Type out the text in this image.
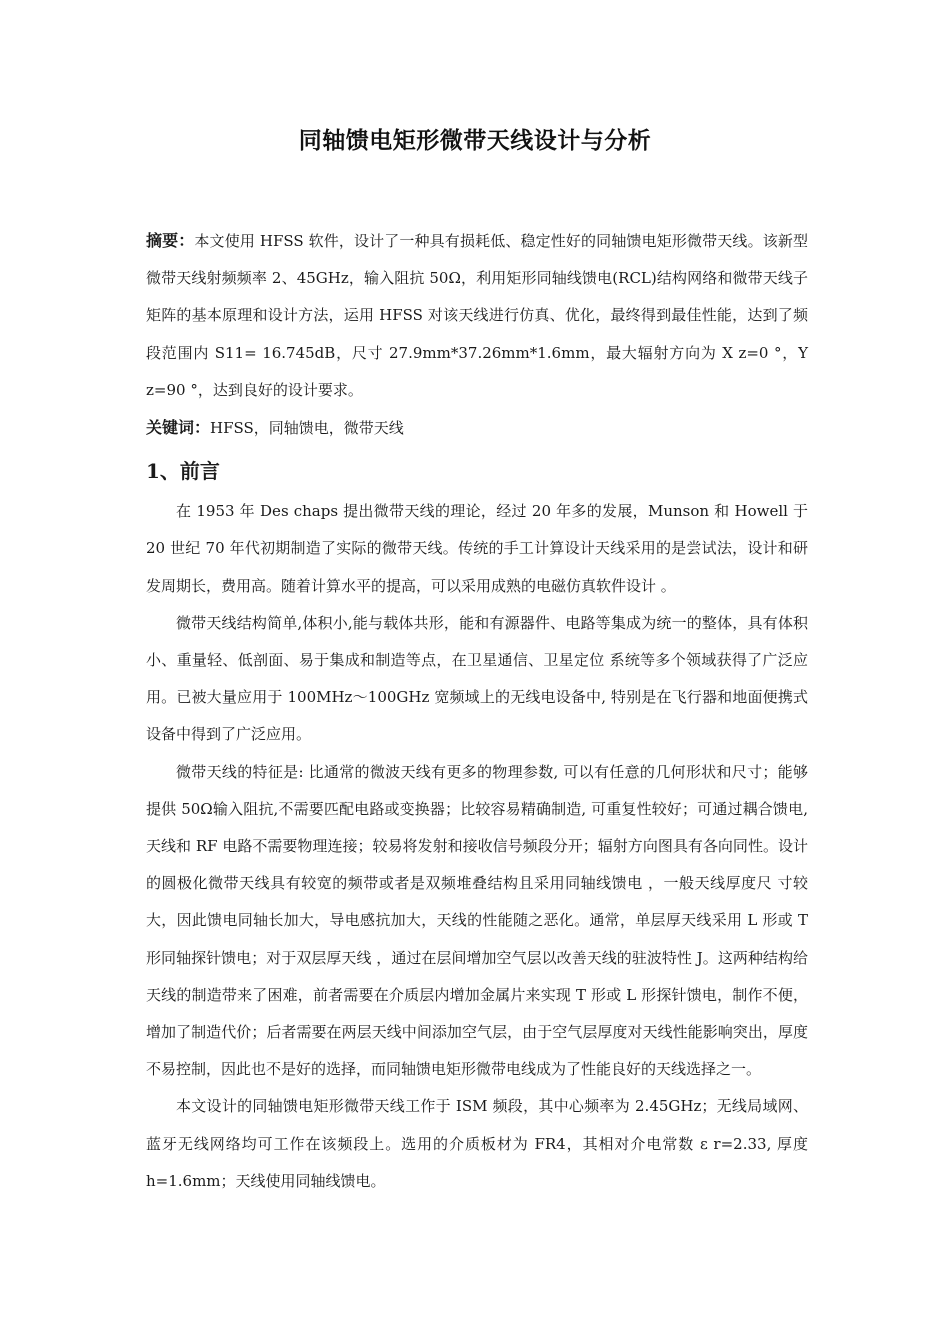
同轴馈电矩形微带天线设计与分析

摘要：本文使用 HFSS 软件，设计了一种具有损耗低、稳定性好的同轴馈电矩形微带天线。该新型微带天线射频频率 2、45GHz，输入阻抗 50Ω，利用矩形同轴线馈电(RCL)结构网络和微带天线子矩阵的基本原理和设计方法，运用 HFSS 对该天线进行仿真、优化，最终得到最佳性能，达到了频段范围内 S11= 16.745dB，尺寸 27.9mm*37.26mm*1.6mm，最大辐射方向为 X z=0 °，Y z=90 °，达到良好的设计要求。

关键词：HFSS，同轴馈电，微带天线

1、前言

在 1953 年 Des chaps 提出微带天线的理论，经过 20 年多的发展，Munson 和 Howell 于 20 世纪 70 年代初期制造了实际的微带天线。传统的手工计算设计天线采用的是尝试法，设计和研发周期长，费用高。随着计算水平的提高，可以采用成熟的电磁仿真软件设计 。

微带天线结构简单,体积小,能与载体共形，能和有源器件、电路等集成为统一的整体，具有体积小、重量轻、低剖面、易于集成和制造等点，在卫星通信、卫星定位 系统等多个领域获得了广泛应用。已被大量应用于 100MHz～100GHz 宽频域上的无线电设备中, 特别是在飞行器和地面便携式设备中得到了广泛应用。

微带天线的特征是: 比通常的微波天线有更多的物理参数, 可以有任意的几何形状和尺寸；能够提供 50Ω输入阻抗,不需要匹配电路或变换器；比较容易精确制造, 可重复性较好；可通过耦合馈电, 天线和 RF 电路不需要物理连接；较易将发射和接收信号频段分开；辐射方向图具有各向同性。设计的圆极化微带天线具有较宽的频带或者是双频堆叠结构且采用同轴线馈电 ，一般天线厚度尺 寸较大，因此馈电同轴长加大，导电感抗加大，天线的性能随之恶化。通常，单层厚天线采用 L 形或 T 形同轴探针馈电；对于双层厚天线 ，通过在层间增加空气层以改善天线的驻波特性 J。这两种结构给天线的制造带来了困难，前者需要在介质层内增加金属片来实现 T 形或 L 形探针馈电，制作不便，增加了制造代价；后者需要在两层天线中间添加空气层，由于空气层厚度对天线性能影响突出，厚度不易控制，因此也不是好的选择，而同轴馈电矩形微带电线成为了性能良好的天线选择之一。

本文设计的同轴馈电矩形微带天线工作于 ISM 频段，其中心频率为 2.45GHz；无线局域网、蓝牙无线网络均可工作在该频段上。选用的介质板材为 FR4，其相对介电常数 ε r=2.33, 厚度 h=1.6mm；天线使用同轴线馈电。
